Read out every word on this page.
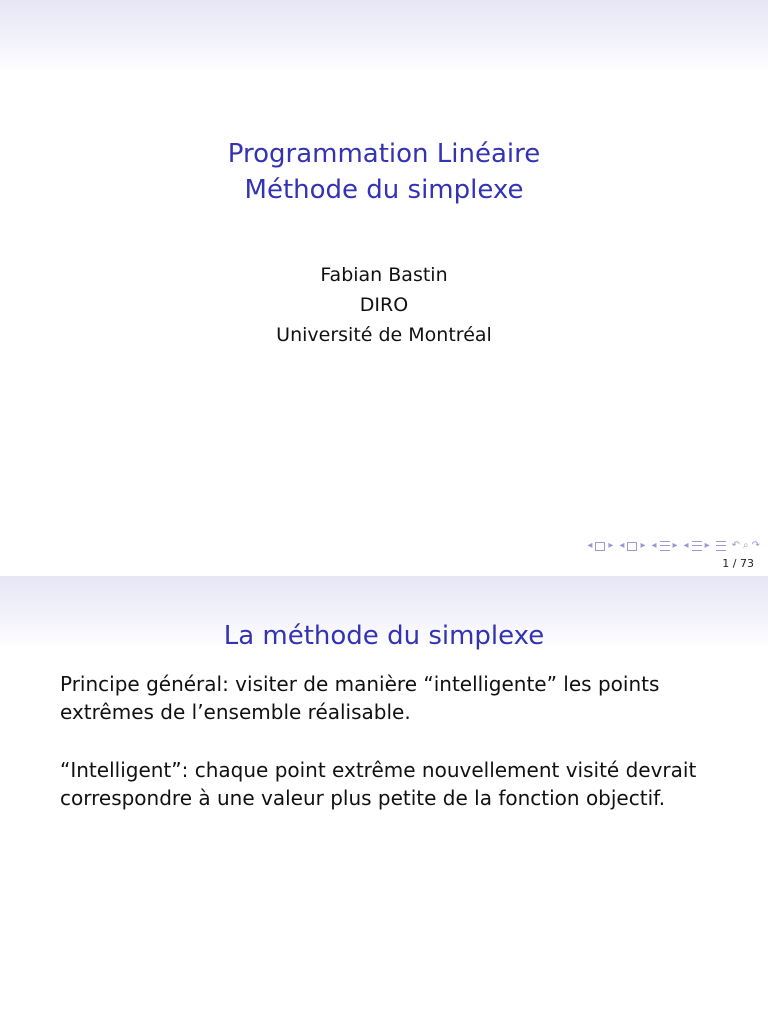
Programmation Linéaire
Méthode du simplexe
Fabian Bastin
DIRO
Université de Montréal
◂ ▸ ◂ ▸ ◂ ▸ ◂ ▸ ↶ ⌕ ↷
1 / 73
La méthode du simplexe
Principe général: visiter de manière “intelligente” les points
extrêmes de l’ensemble réalisable.
“Intelligent”: chaque point extrême nouvellement visité devrait
correspondre à une valeur plus petite de la fonction objectif.
